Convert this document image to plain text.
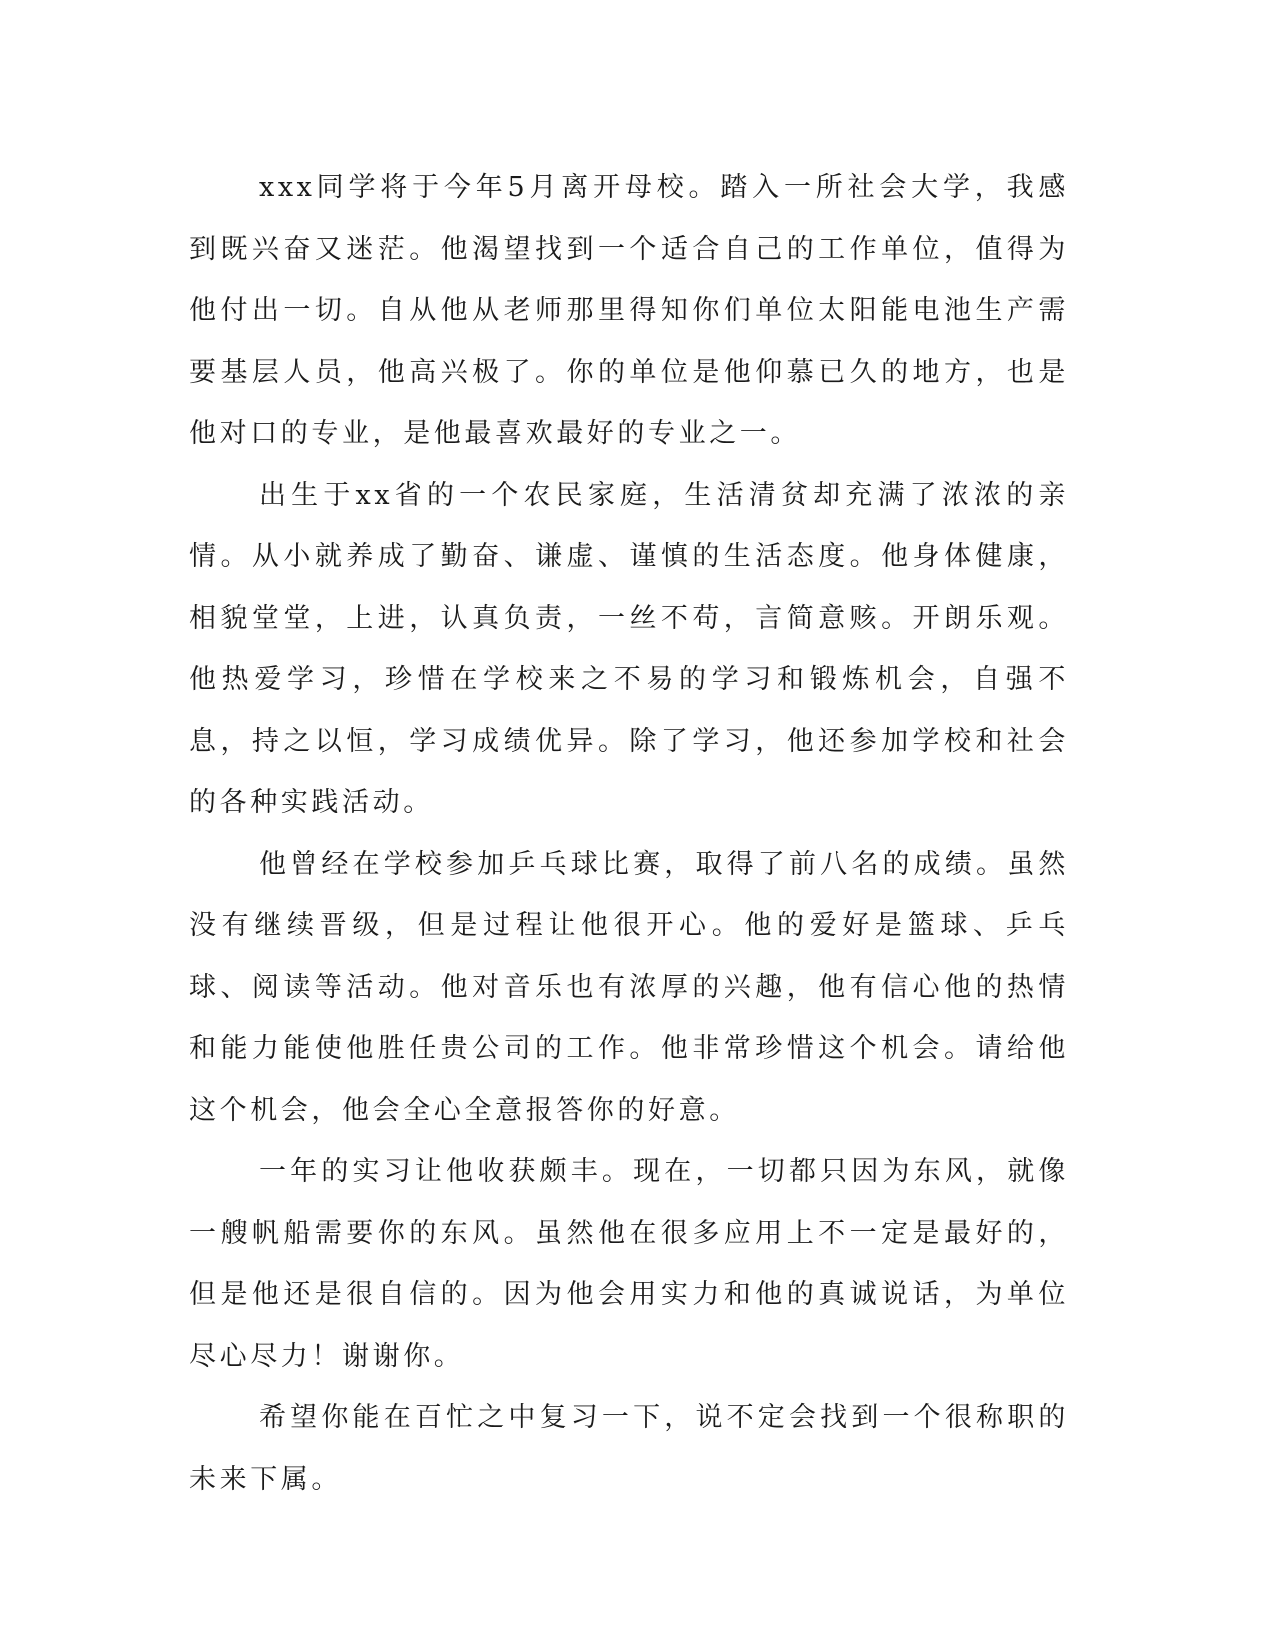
xxx同学将于今年5月离开母校。踏入一所社会大学，我感到既兴奋又迷茫。他渴望找到一个适合自己的工作单位，值得为他付出一切。自从他从老师那里得知你们单位太阳能电池生产需要基层人员，他高兴极了。你的单位是他仰慕已久的地方，也是他对口的专业，是他最喜欢最好的专业之一。

出生于xx省的一个农民家庭，生活清贫却充满了浓浓的亲情。从小就养成了勤奋、谦虚、谨慎的生活态度。他身体健康，相貌堂堂，上进，认真负责，一丝不苟，言简意赅。开朗乐观。他热爱学习，珍惜在学校来之不易的学习和锻炼机会，自强不息，持之以恒，学习成绩优异。除了学习，他还参加学校和社会的各种实践活动。

他曾经在学校参加乒乓球比赛，取得了前八名的成绩。虽然没有继续晋级，但是过程让他很开心。他的爱好是篮球、乒乓球、阅读等活动。他对音乐也有浓厚的兴趣，他有信心他的热情和能力能使他胜任贵公司的工作。他非常珍惜这个机会。请给他这个机会，他会全心全意报答你的好意。

一年的实习让他收获颇丰。现在，一切都只因为东风，就像一艘帆船需要你的东风。虽然他在很多应用上不一定是最好的，但是他还是很自信的。因为他会用实力和他的真诚说话，为单位尽心尽力！谢谢你。

希望你能在百忙之中复习一下，说不定会找到一个很称职的未来下属。
